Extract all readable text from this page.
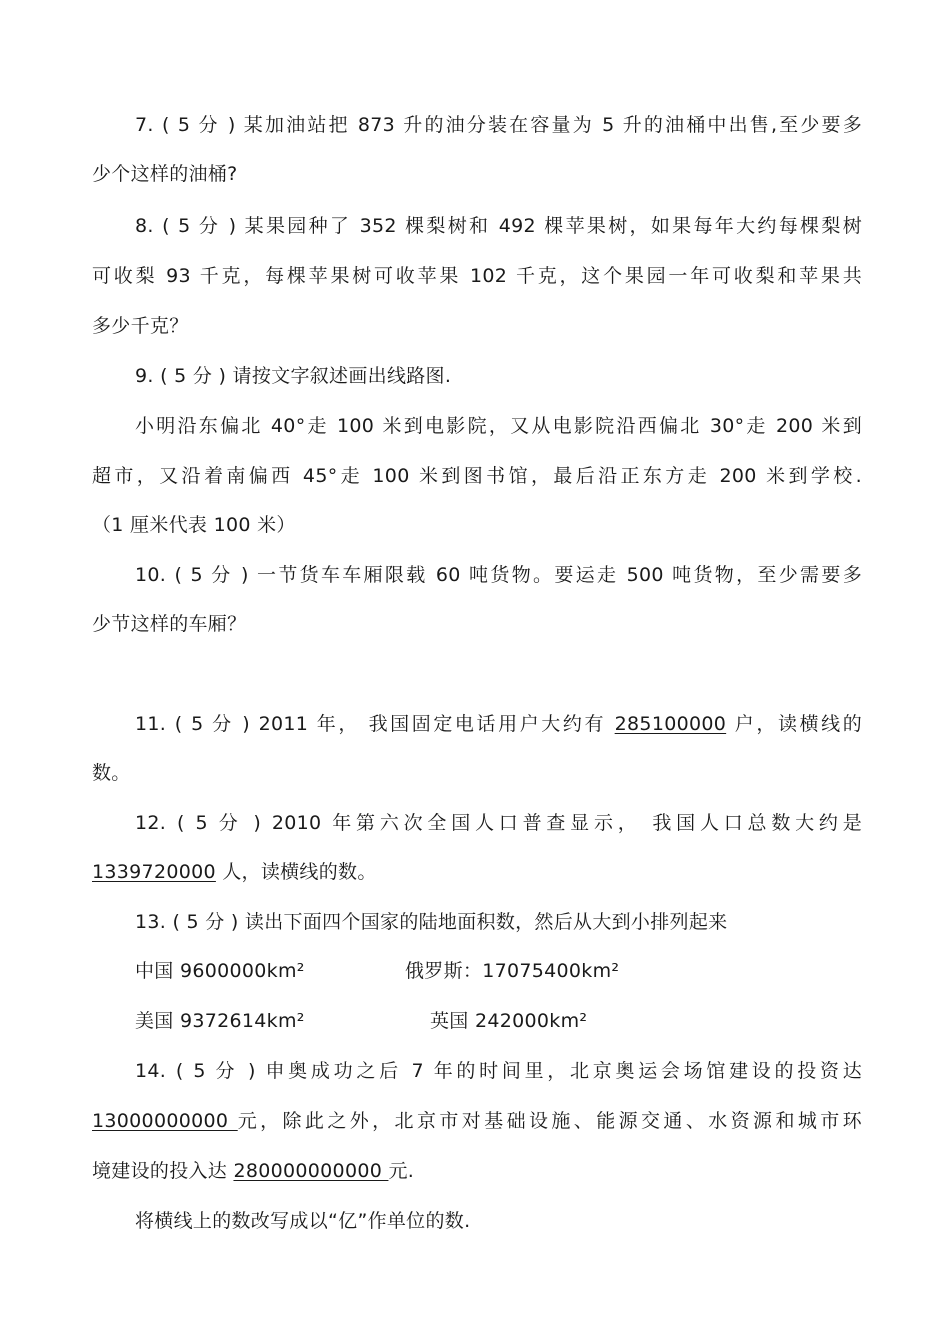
7. ( 5 分 ) 某加油站把 873 升的油分装在容量为 5 升的油桶中出售,至少要多
少个这样的油桶?
8. ( 5 分 ) 某果园种了 352 棵梨树和 492 棵苹果树，如果每年大约每棵梨树
可收梨 93 千克，每棵苹果树可收苹果 102 千克，这个果园一年可收梨和苹果共
多少千克？
9. ( 5 分 ) 请按文字叙述画出线路图.
小明沿东偏北 40°走 100 米到电影院，又从电影院沿西偏北 30°走 200 米到
超市，又沿着南偏西 45°走 100 米到图书馆，最后沿正东方走 200 米到学校.
（1 厘米代表 100 米）
10. ( 5 分 ) 一节货车车厢限载 60 吨货物。要运走 500 吨货物，至少需要多
少节这样的车厢？
11. ( 5 分 ) 2011 年， 我国固定电话用户大约有 285100000 户，读横线的
数。
12. ( 5 分 ) 2010 年第六次全国人口普查显示， 我国人口总数大约是
1339720000 人，读横线的数。
13. ( 5 分 ) 读出下面四个国家的陆地面积数，然后从大到小排列起来
中国 9600000km²	俄罗斯：17075400km²
美国 9372614km²	英国 242000km²
14. ( 5 分 ) 申奥成功之后 7 年的时间里，北京奥运会场馆建设的投资达
13000000000 元，除此之外，北京市对基础设施、能源交通、水资源和城市环
境建设的投入达 280000000000 元.
将横线上的数改写成以“亿”作单位的数.
